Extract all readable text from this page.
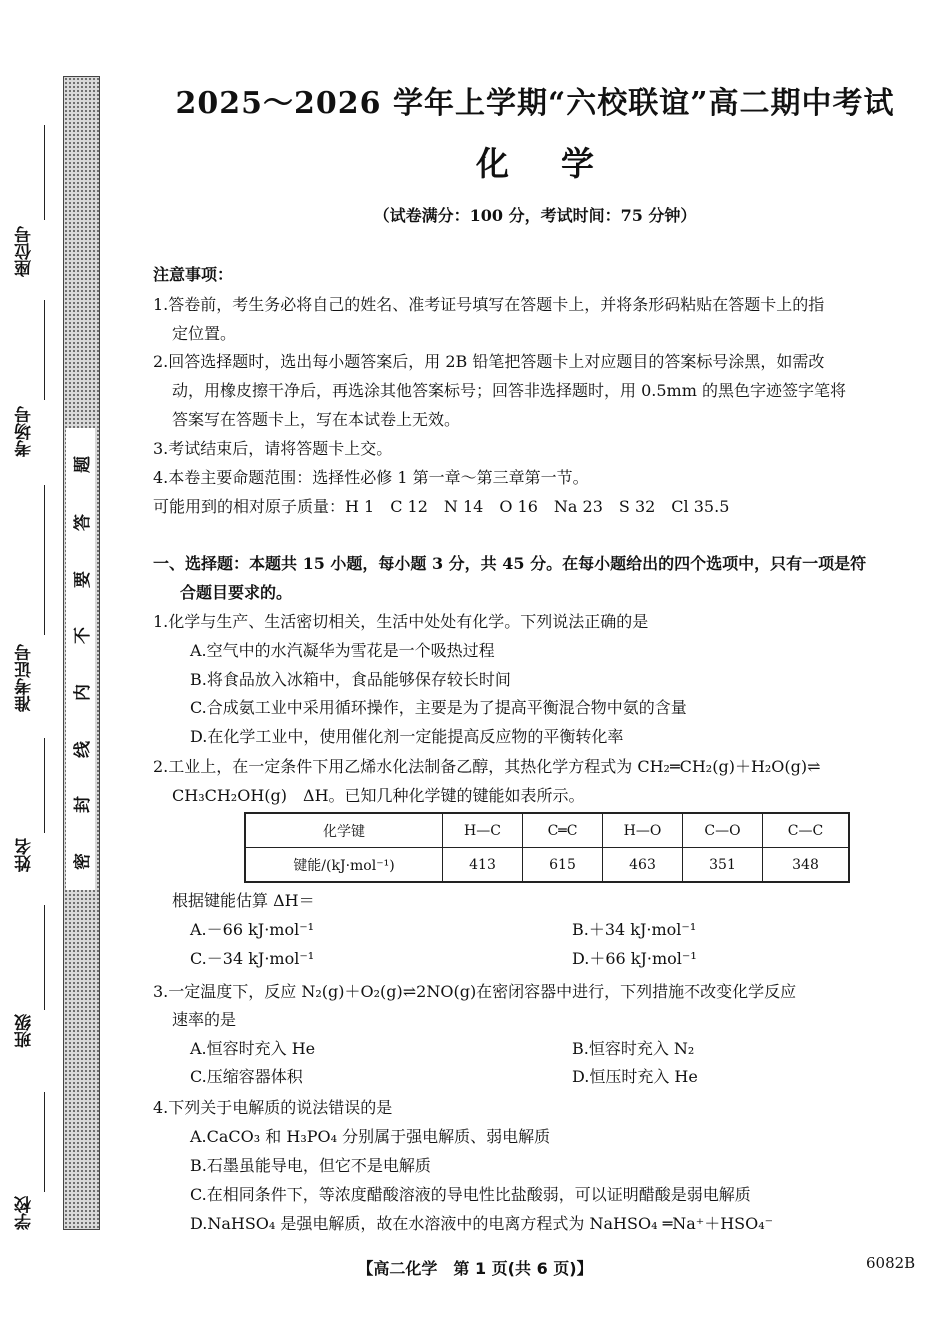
座位号
考场号
准考证号
姓名
班级
学校
密
封
线
内
不
要
答
题
2025～2026 学年上学期“六校联谊”高二期中考试
化学
（试卷满分：100 分，考试时间：75 分钟）
注意事项：
1.答卷前，考生务必将自己的姓名、准考证号填写在答题卡上，并将条形码粘贴在答题卡上的指
定位置。
2.回答选择题时，选出每小题答案后，用 2B 铅笔把答题卡上对应题目的答案标号涂黑，如需改
动，用橡皮擦干净后，再选涂其他答案标号；回答非选择题时，用 0.5mm 的黑色字迹签字笔将
答案写在答题卡上，写在本试卷上无效。
3.考试结束后，请将答题卡上交。
4.本卷主要命题范围：选择性必修 1 第一章～第三章第一节。
可能用到的相对原子质量：H 1　C 12　N 14　O 16　Na 23　S 32　Cl 35.5
一、选择题：本题共 15 小题，每小题 3 分，共 45 分。在每小题给出的四个选项中，只有一项是符
合题目要求的。
1.化学与生产、生活密切相关，生活中处处有化学。下列说法正确的是
A.空气中的水汽凝华为雪花是一个吸热过程
B.将食品放入冰箱中，食品能够保存较长时间
C.合成氨工业中采用循环操作，主要是为了提高平衡混合物中氨的含量
D.在化学工业中，使用催化剂一定能提高反应物的平衡转化率
2.工业上，在一定条件下用乙烯水化法制备乙醇，其热化学方程式为 CH₂═CH₂(g)＋H₂O(g)⇌
CH₃CH₂OH(g)　ΔH。已知几种化学键的键能如表所示。
化学键	H—C	C═C	H—O	C—O	C—C
键能/(kJ·mol⁻¹)	413	615	463	351	348
根据键能估算 ΔH＝
A.－66 kJ·mol⁻¹	B.＋34 kJ·mol⁻¹
C.－34 kJ·mol⁻¹	D.＋66 kJ·mol⁻¹
3.一定温度下，反应 N₂(g)＋O₂(g)⇌2NO(g)在密闭容器中进行，下列措施不改变化学反应
速率的是
A.恒容时充入 He	B.恒容时充入 N₂
C.压缩容器体积	D.恒压时充入 He
4.下列关于电解质的说法错误的是
A.CaCO₃ 和 H₃PO₄ 分别属于强电解质、弱电解质
B.石墨虽能导电，但它不是电解质
C.在相同条件下，等浓度醋酸溶液的导电性比盐酸弱，可以证明醋酸是弱电解质
D.NaHSO₄ 是强电解质，故在水溶液中的电离方程式为 NaHSO₄ ═Na⁺＋HSO₄⁻
【高二化学　第 1 页(共 6 页)】	6082B
